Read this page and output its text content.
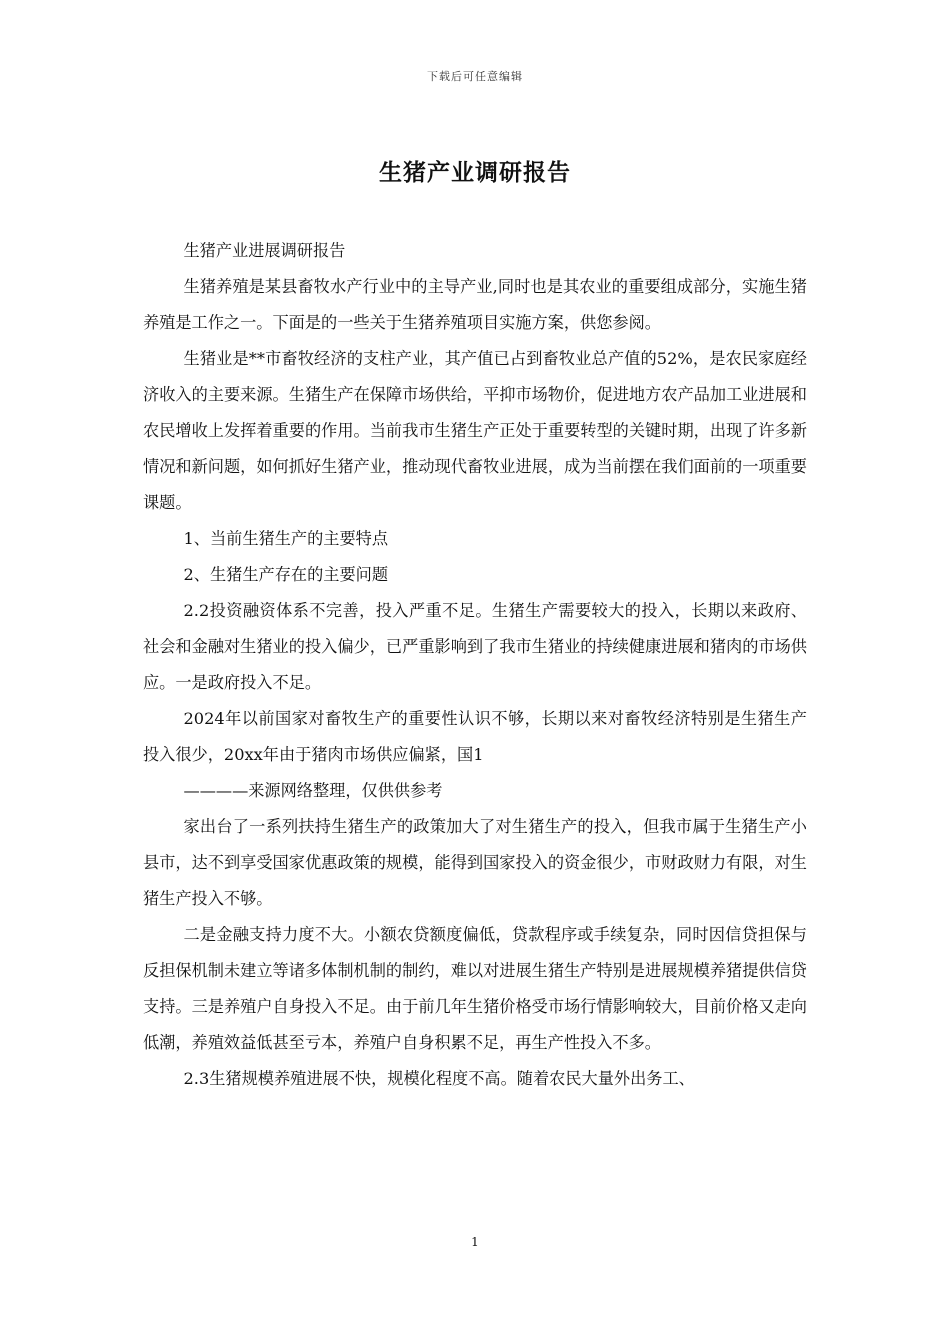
下载后可任意编辑
生猪产业调研报告

生猪产业进展调研报告

生猪养殖是某县畜牧水产行业中的主导产业,同时也是其农业的重要组成部分，实施生猪养殖是工作之一。下面是的一些关于生猪养殖项目实施方案，供您参阅。

生猪业是**市畜牧经济的支柱产业，其产值已占到畜牧业总产值的52%，是农民家庭经济收入的主要来源。生猪生产在保障市场供给，平抑市场物价，促进地方农产品加工业进展和农民增收上发挥着重要的作用。当前我市生猪生产正处于重要转型的关键时期，出现了许多新情况和新问题，如何抓好生猪产业，推动现代畜牧业进展，成为当前摆在我们面前的一项重要课题。

1、当前生猪生产的主要特点

2、生猪生产存在的主要问题

2.2投资融资体系不完善，投入严重不足。生猪生产需要较大的投入，长期以来政府、社会和金融对生猪业的投入偏少，已严重影响到了我市生猪业的持续健康进展和猪肉的市场供应。一是政府投入不足。

2024年以前国家对畜牧生产的重要性认识不够，长期以来对畜牧经济特别是生猪生产投入很少，20xx年由于猪肉市场供应偏紧，国1

————来源网络整理，仅供供参考

家出台了一系列扶持生猪生产的政策加大了对生猪生产的投入，但我市属于生猪生产小县市，达不到享受国家优惠政策的规模，能得到国家投入的资金很少，市财政财力有限，对生猪生产投入不够。

二是金融支持力度不大。小额农贷额度偏低，贷款程序或手续复杂，同时因信贷担保与反担保机制未建立等诸多体制机制的制约，难以对进展生猪生产特别是进展规模养猪提供信贷支持。三是养殖户自身投入不足。由于前几年生猪价格受市场行情影响较大，目前价格又走向低潮，养殖效益低甚至亏本，养殖户自身积累不足，再生产性投入不多。

2.3生猪规模养殖进展不快，规模化程度不高。随着农民大量外出务工、

1
